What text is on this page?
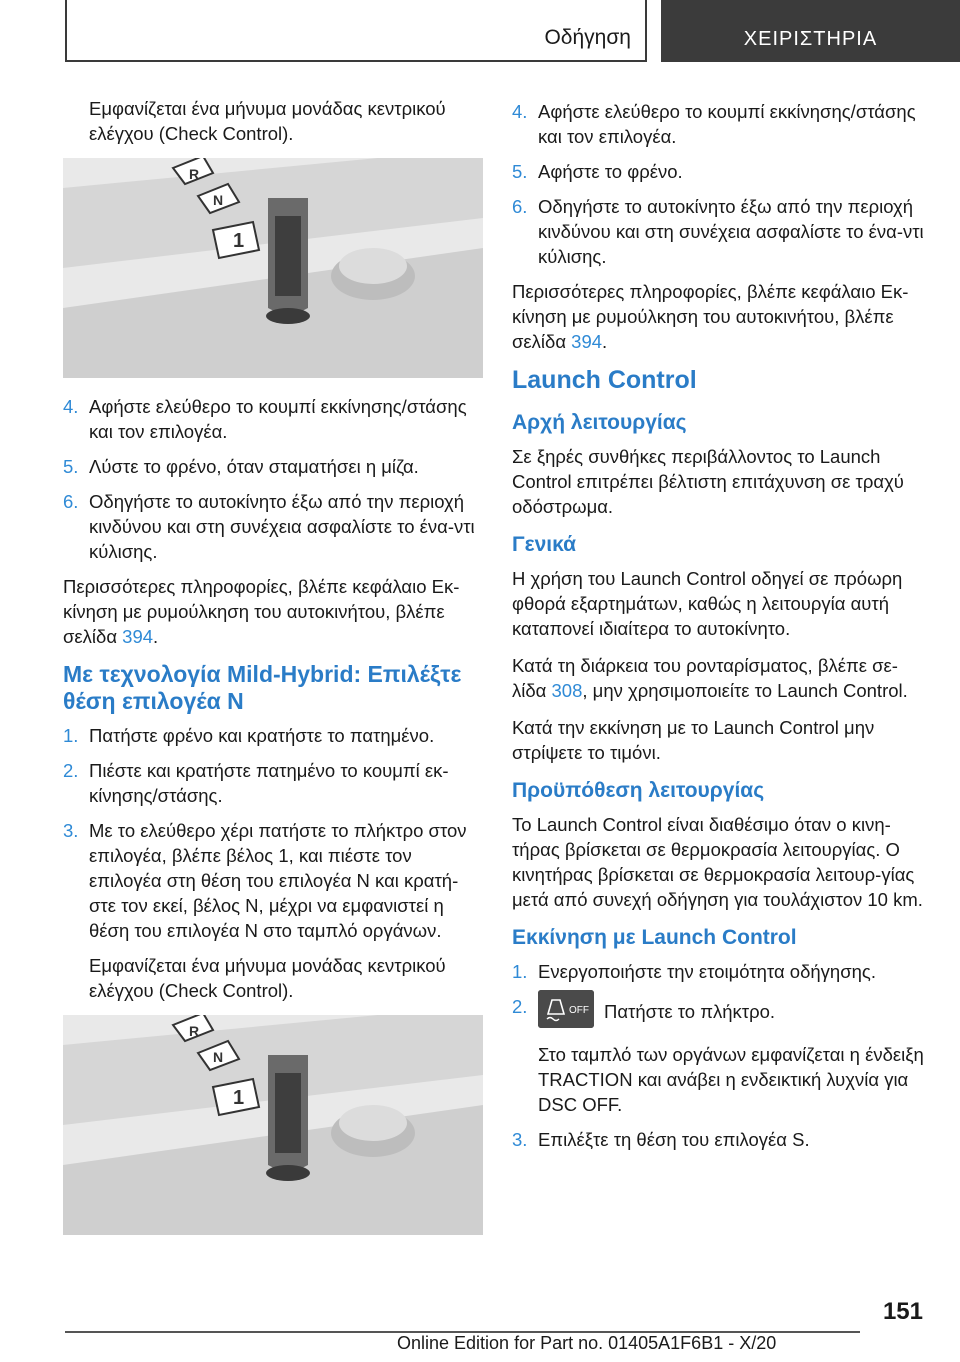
Οδήγηση	ΧΕΙΡΙΣΤΗΡΙΑ

Εμφανίζεται ένα μήνυμα μονάδας κεντρικού ελέγχου (Check Control).

R
N
1
4. Αφήστε ελεύθερο το κουμπί εκκίνησης/στάσης και τον επιλογέα.
5. Λύστε το φρένο, όταν σταματήσει η μίζα.
6. Οδηγήστε το αυτοκίνητο έξω από την περιοχή κινδύνου και στη συνέχεια ασφαλίστε το ένα-ντι κύλισης.

Περισσότερες πληροφορίες, βλέπε κεφάλαιο Εκ-κίνηση με ρυμούλκηση του αυτοκινήτου, βλέπε σελίδα 394.

Με τεχνολογία Mild-Hybrid: Επιλέξτε θέση επιλογέα N
1. Πατήστε φρένο και κρατήστε το πατημένο.
2. Πιέστε και κρατήστε πατημένο το κουμπί εκ-κίνησης/στάσης.
3. Με το ελεύθερο χέρι πατήστε το πλήκτρο στον επιλογέα, βλέπε βέλος 1, και πιέστε τον επιλογέα στη θέση του επιλογέα N και κρατή-στε τον εκεί, βέλος N, μέχρι να εμφανιστεί η θέση του επιλογέα N στο ταμπλό οργάνων.

Εμφανίζεται ένα μήνυμα μονάδας κεντρικού ελέγχου (Check Control).

R
N
1
4. Αφήστε ελεύθερο το κουμπί εκκίνησης/στάσης και τον επιλογέα.
5. Αφήστε το φρένο.
6. Οδηγήστε το αυτοκίνητο έξω από την περιοχή κινδύνου και στη συνέχεια ασφαλίστε το ένα-ντι κύλισης.

Περισσότερες πληροφορίες, βλέπε κεφάλαιο Εκ-κίνηση με ρυμούλκηση του αυτοκινήτου, βλέπε σελίδα 394.

Launch Control
Αρχή λειτουργίας

Σε ξηρές συνθήκες περιβάλλοντος το Launch Control επιτρέπει βέλτιστη επιτάχυνση σε τραχύ οδόστρωμα.

Γενικά

Η χρήση του Launch Control οδηγεί σε πρόωρη φθορά εξαρτημάτων, καθώς η λειτουργία αυτή καταπονεί ιδιαίτερα το αυτοκίνητο.

Κατά τη διάρκεια του ρονταρίσματος, βλέπε σε-λίδα 308, μην χρησιμοποιείτε το Launch Control.

Κατά την εκκίνηση με το Launch Control μην στρίψετε το τιμόνι.

Προϋπόθεση λειτουργίας

Το Launch Control είναι διαθέσιμο όταν ο κινη-τήρας βρίσκεται σε θερμοκρασία λειτουργίας. Ο κινητήρας βρίσκεται σε θερμοκρασία λειτουρ-γίας μετά από συνεχή οδήγηση για τουλάχιστον 10 km.

Εκκίνηση με Launch Control
1. Ενεργοποιήστε την ετοιμότητα οδήγησης.
2.	OFF Πατήστε το πλήκτρο.

Στο ταμπλό των οργάνων εμφανίζεται η ένδειξη TRACTION και ανάβει η ενδεικτική λυχνία για DSC OFF.

3. Επιλέξτε τη θέση του επιλογέα S.
151
Online Edition for Part no. 01405A1F6B1 - X/20
